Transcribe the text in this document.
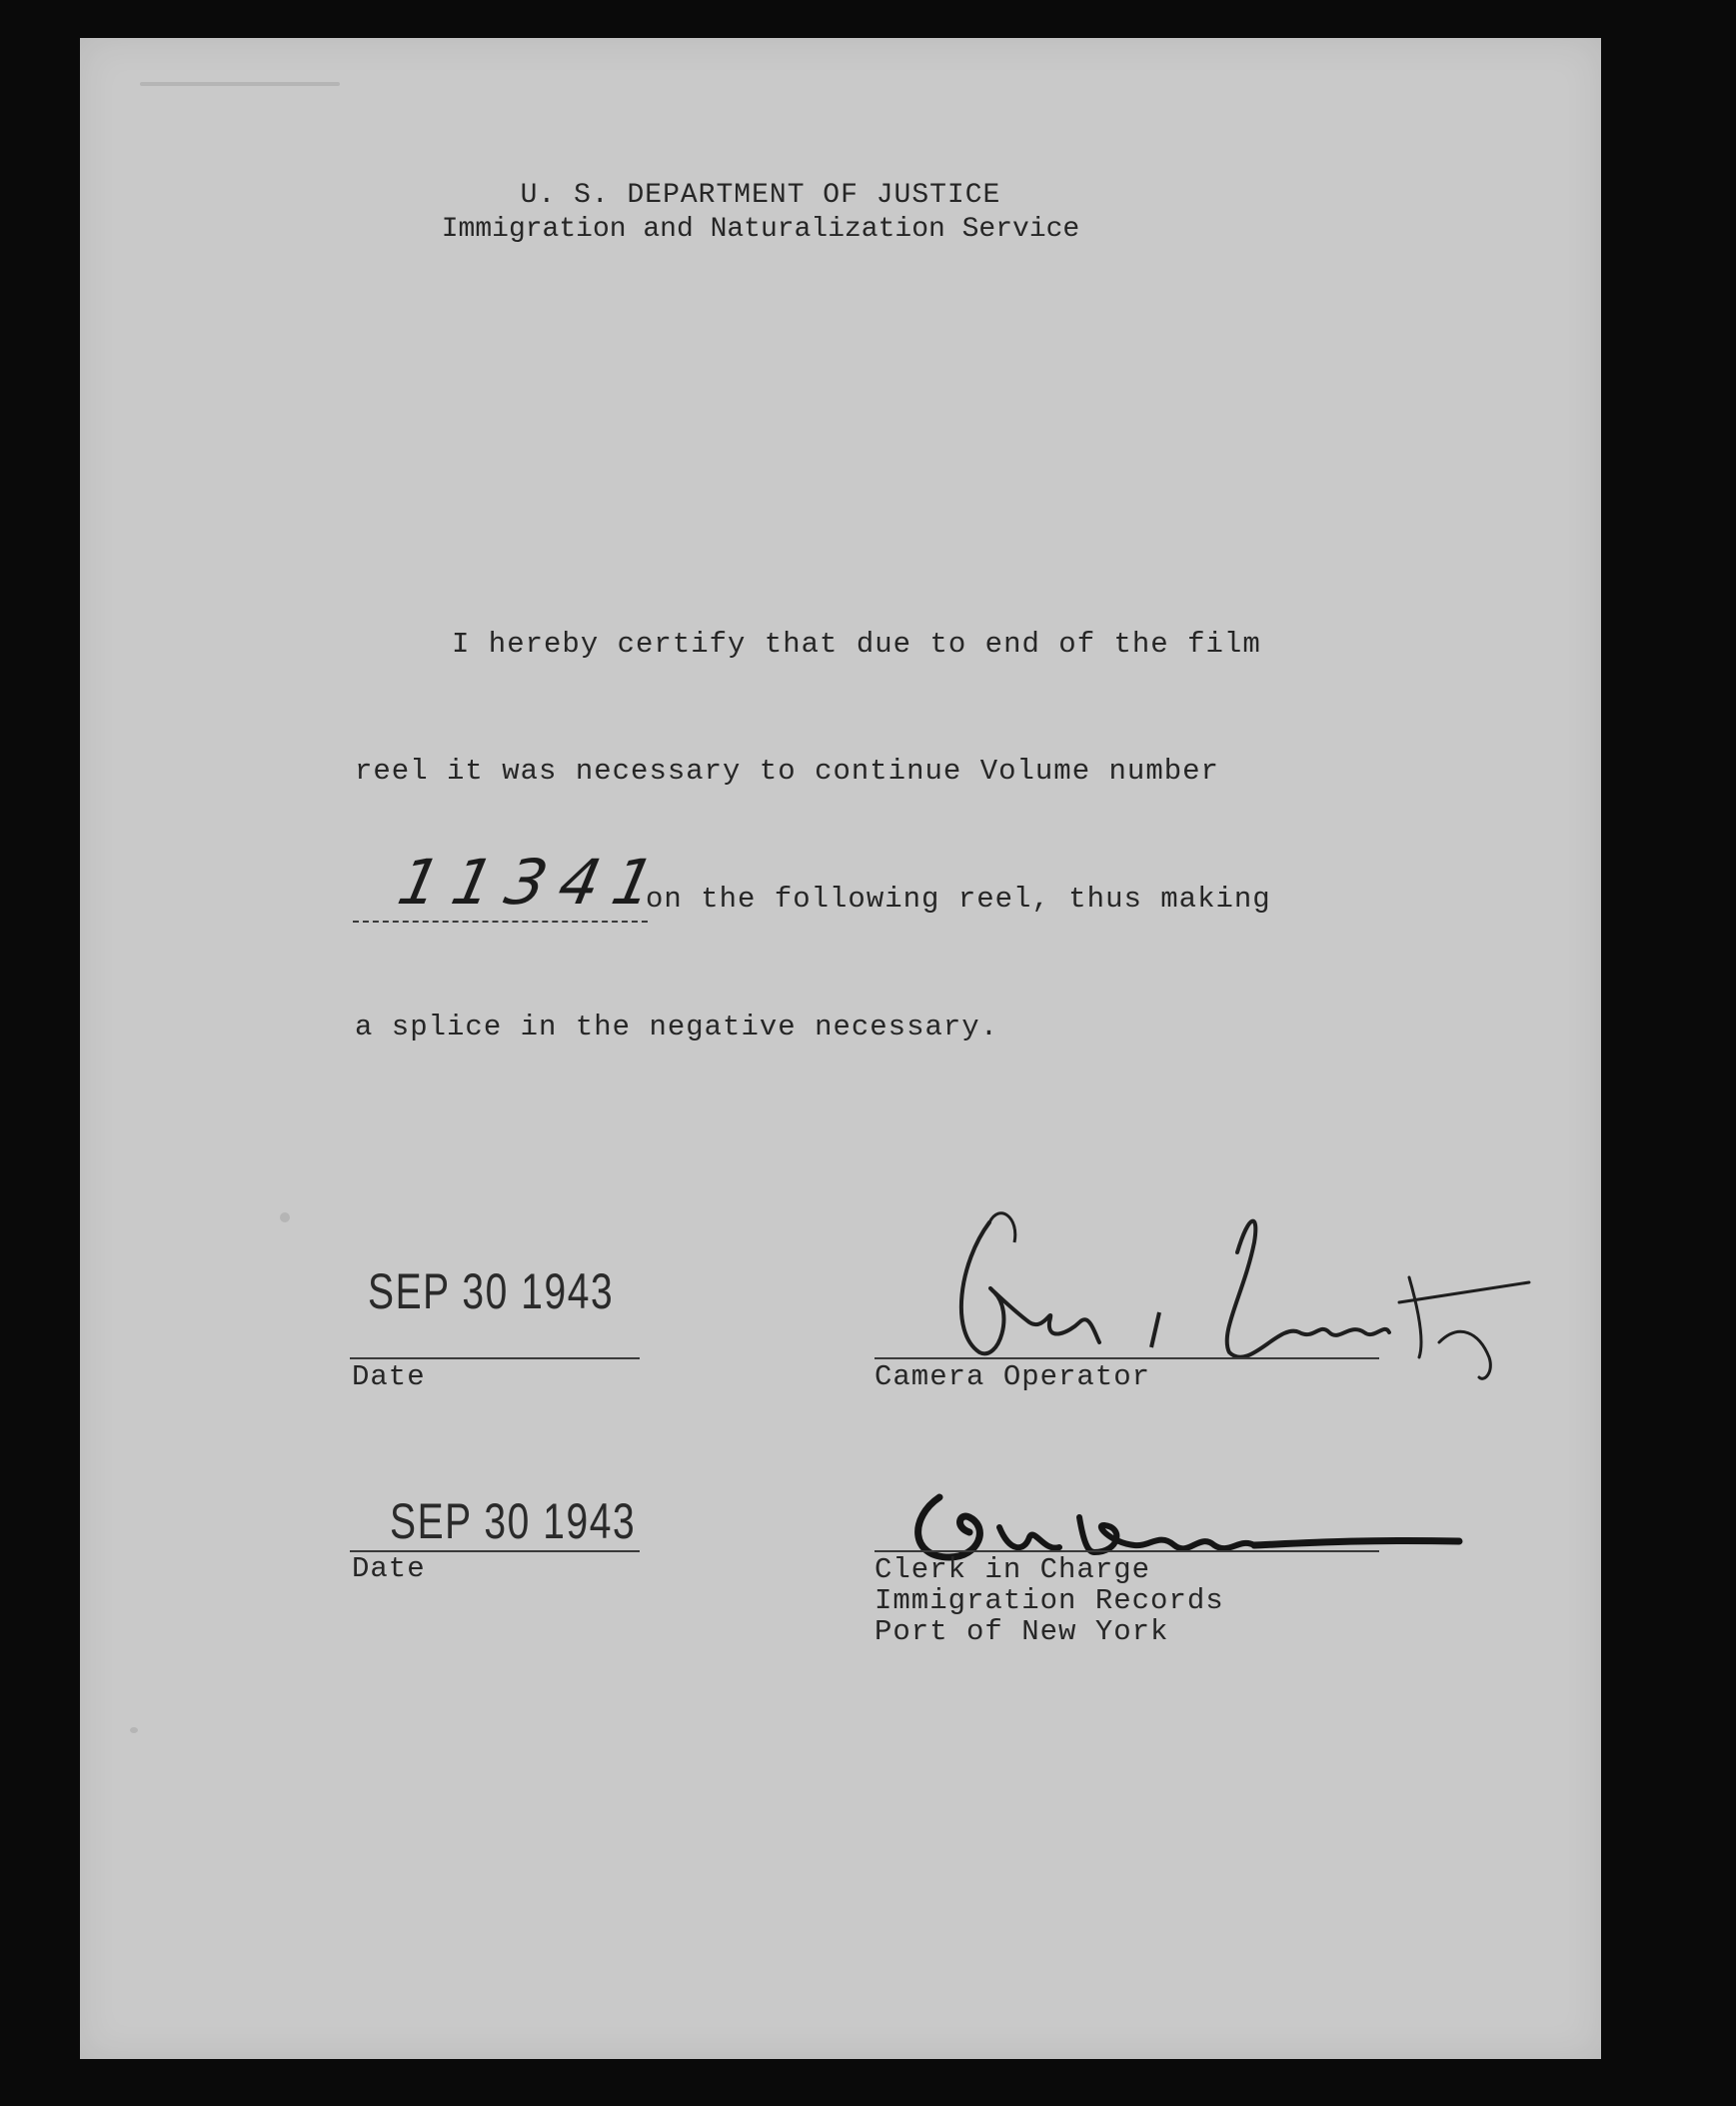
U. S. DEPARTMENT OF JUSTICE
Immigration and Naturalization Service
I hereby certify that due to end of the film
reel it was necessary to continue Volume number
11341
on the following reel, thus making
a splice in the negative necessary.
SEP 30 1943
Date	Camera Operator
SEP 30 1943
Date	Clerk in Charge
Immigration Records
Port of New York
